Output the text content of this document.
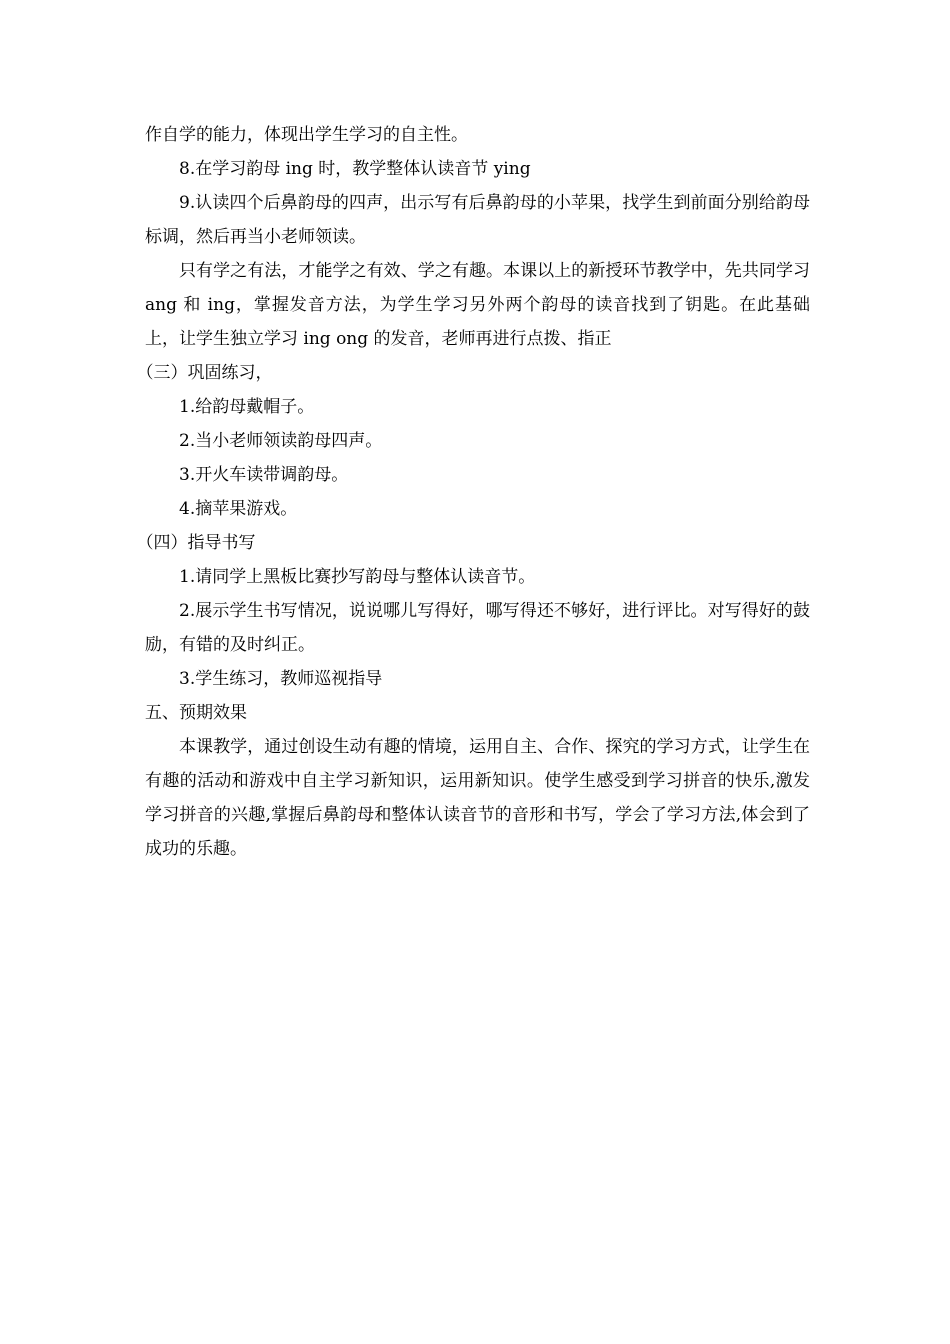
作自学的能力，体现出学生学习的自主性。

8.在学习韵母 ing 时，教学整体认读音节 ying

9.认读四个后鼻韵母的四声，出示写有后鼻韵母的小苹果，找学生到前面分别给韵母标调，然后再当小老师领读。

只有学之有法，才能学之有效、学之有趣。本课以上的新授环节教学中，先共同学习 ang 和 ing，掌握发音方法，为学生学习另外两个韵母的读音找到了钥匙。在此基础上，让学生独立学习 ing ong 的发音，老师再进行点拨、指正

（三）巩固练习，

1.给韵母戴帽子。

2.当小老师领读韵母四声。

3.开火车读带调韵母。

4.摘苹果游戏。

（四）指导书写

1.请同学上黑板比赛抄写韵母与整体认读音节。

2.展示学生书写情况，说说哪儿写得好，哪写得还不够好，进行评比。对写得好的鼓励，有错的及时纠正。

3.学生练习，教师巡视指导

五、预期效果

本课教学，通过创设生动有趣的情境，运用自主、合作、探究的学习方式，让学生在有趣的活动和游戏中自主学习新知识，运用新知识。使学生感受到学习拼音的快乐,激发学习拼音的兴趣,掌握后鼻韵母和整体认读音节的音形和书写，学会了学习方法,体会到了成功的乐趣。
